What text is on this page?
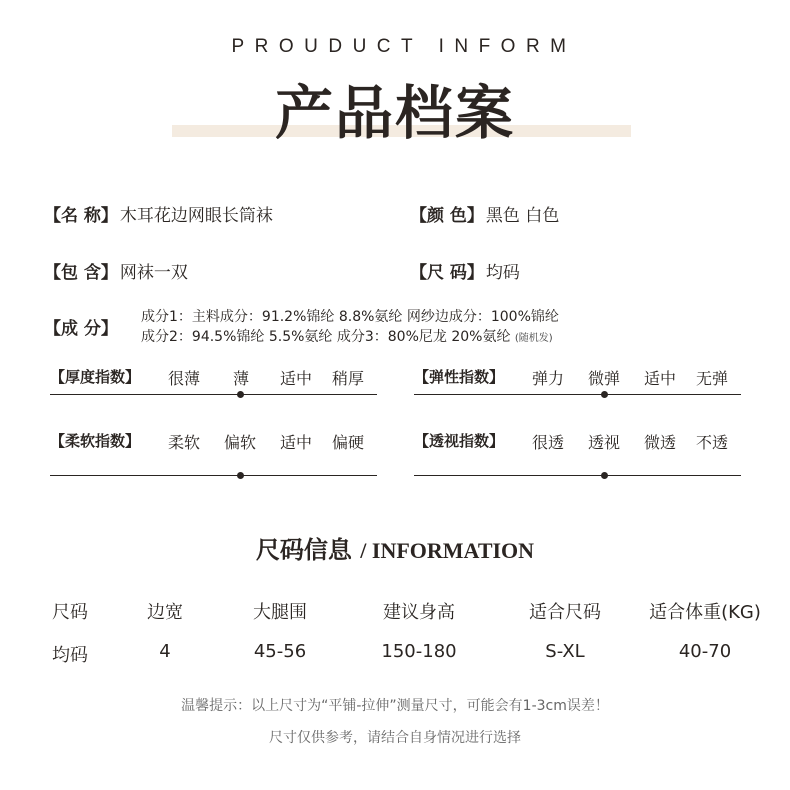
PROUDUCT INFORM
产品档案
【名 称】 木耳花边网眼长筒袜	【颜 色】 黑色 白色
【包 含】 网袜一双	【尺 码】 均码
【成 分】
成分1：主料成分：91.2%锦纶 8.8%氨纶 网纱边成分：100%锦纶
成分2：94.5%锦纶 5.5%氨纶 成分3：80%尼龙 20%氨纶 (随机发)
【厚度指数】 很薄 薄 适中 稍厚	【弹性指数】 弹力 微弹 适中 无弹
【柔软指数】 柔软 偏软 适中 偏硬	【透视指数】 很透 透视 微透 不透
尺码信息 / INFORMATION
尺码	边宽	大腿围	建议身高	适合尺码	适合体重(KG)
均码	4	45-56	150-180	S-XL	40-70
温馨提示：以上尺寸为“平铺-拉伸”测量尺寸，可能会有1-3cm误差！
尺寸仅供参考，请结合自身情况进行选择
